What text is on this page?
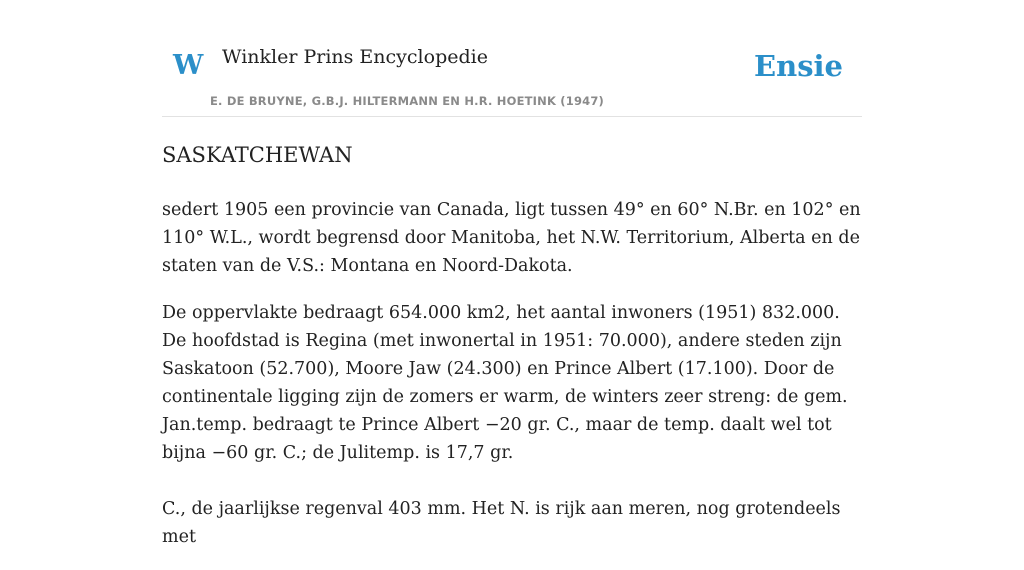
W Winkler Prins Encyclopedie
E. DE BRUYNE, G.B.J. HILTERMANN EN H.R. HOETINK (1947)
Ensie
SASKATCHEWAN

sedert 1905 een provincie van Canada, ligt tussen 49° en 60° N.Br. en 102° en 110° W.L., wordt begrensd door Manitoba, het N.W. Territorium, Alberta en de staten van de V.S.: Montana en Noord-Dakota.

De oppervlakte bedraagt 654.000 km2, het aantal inwoners (1951) 832.000. De hoofdstad is Regina (met inwonertal in 1951: 70.000), andere steden zijn Saskatoon (52.700), Moore Jaw (24.300) en Prince Albert (17.100). Door de continentale ligging zijn de zomers er warm, de winters zeer streng: de gem. Jan.temp. bedraagt te Prince Albert −20 gr. C., maar de temp. daalt wel tot bijna −60 gr. C.; de Julitemp. is 17,7 gr.

C., de jaarlijkse regenval 403 mm. Het N. is rijk aan meren, nog grotendeels met
